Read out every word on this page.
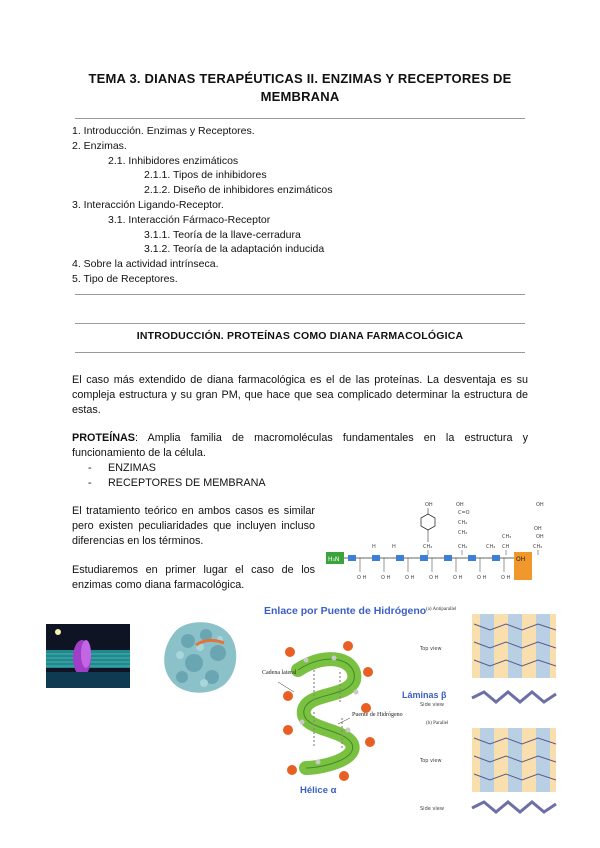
TEMA 3. DIANAS TERAPÉUTICAS II. ENZIMAS Y RECEPTORES DE
MEMBRANA
1. Introducción. Enzimas y Receptores.
2. Enzimas.
2.1. Inhibidores enzimáticos
2.1.1. Tipos de inhibidores
2.1.2. Diseño de inhibidores enzimáticos
3. Interacción Ligando-Receptor.
3.1. Interacción Fármaco-Receptor
3.1.1. Teoría de la llave-cerradura
3.1.2. Teoría de la adaptación inducida
4. Sobre la actividad intrínseca.
5. Tipo de Receptores.
INTRODUCCIÓN. PROTEÍNAS COMO DIANA FARMACOLÓGICA
El caso más extendido de diana farmacológica es el de las proteínas. La desventaja es su compleja estructura y su gran PM, que hace que sea complicado determinar la estructura de estas.
PROTEÍNAS: Amplia familia de macromoléculas fundamentales en la estructura y funcionamiento de la célula.
- ENZIMAS
- RECEPTORES DE MEMBRANA
El tratamiento teórico en ambos casos es similar pero existen peculiaridades que incluyen incluso diferencias en los términos.
Estudiaremos en primer lugar el caso de los enzimas como diana farmacológica.
OH
CH₂
OH
C=O
CH₂
CH₂
CH₂
CH₃
CH₃ CH
OH
OH
H	H
OH
CH₂
H₃N	OH
O H	O H	O H	O H	O H	O H	O H
Enlace por Puente de Hidrógeno
Cadena lateral
Puente de Hidrógeno
Hélice α
(a) Antiparallel
Top view
Láminas β
Side view
(b) Parallel
Top view
Side view
